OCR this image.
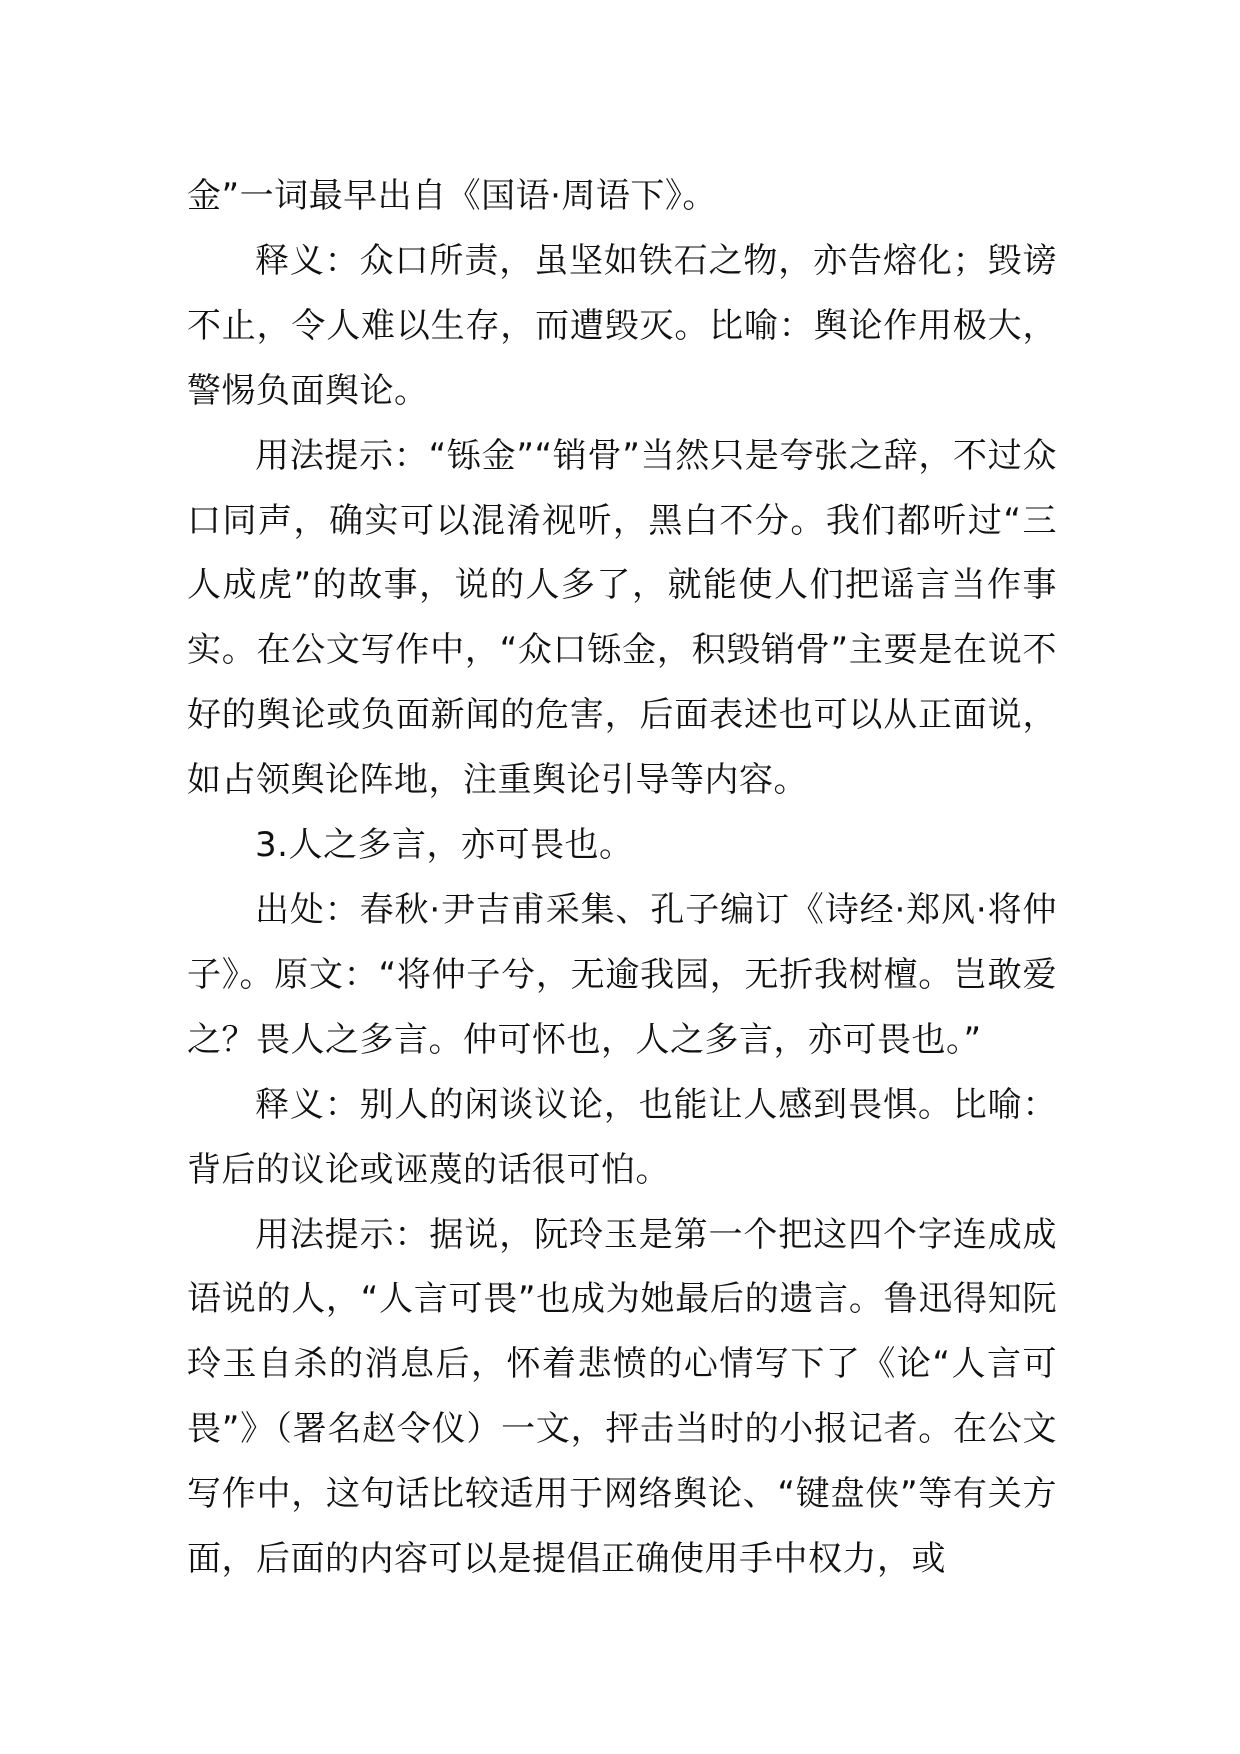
金”一词最早出自《国语·周语下》。

释义：众口所责，虽坚如铁石之物，亦告熔化；毁谤不止，令人难以生存，而遭毁灭。比喻：舆论作用极大，警惕负面舆论。

用法提示：“铄金”“销骨”当然只是夸张之辞，不过众口同声，确实可以混淆视听，黑白不分。我们都听过“三人成虎”的故事，说的人多了，就能使人们把谣言当作事实。在公文写作中，“众口铄金，积毁销骨”主要是在说不好的舆论或负面新闻的危害，后面表述也可以从正面说，如占领舆论阵地，注重舆论引导等内容。

3.人之多言，亦可畏也。

出处：春秋·尹吉甫采集、孔子编订《诗经·郑风·将仲子》。原文：“将仲子兮，无逾我园，无折我树檀。岂敢爱之？畏人之多言。仲可怀也，人之多言，亦可畏也。”

释义：别人的闲谈议论，也能让人感到畏惧。比喻：背后的议论或诬蔑的话很可怕。

用法提示：据说，阮玲玉是第一个把这四个字连成成语说的人，“人言可畏”也成为她最后的遗言。鲁迅得知阮玲玉自杀的消息后，怀着悲愤的心情写下了《论“人言可畏”》（署名赵令仪）一文，抨击当时的小报记者。在公文写作中，这句话比较适用于网络舆论、“键盘侠”等有关方面，后面的内容可以是提倡正确使用手中权力，或
